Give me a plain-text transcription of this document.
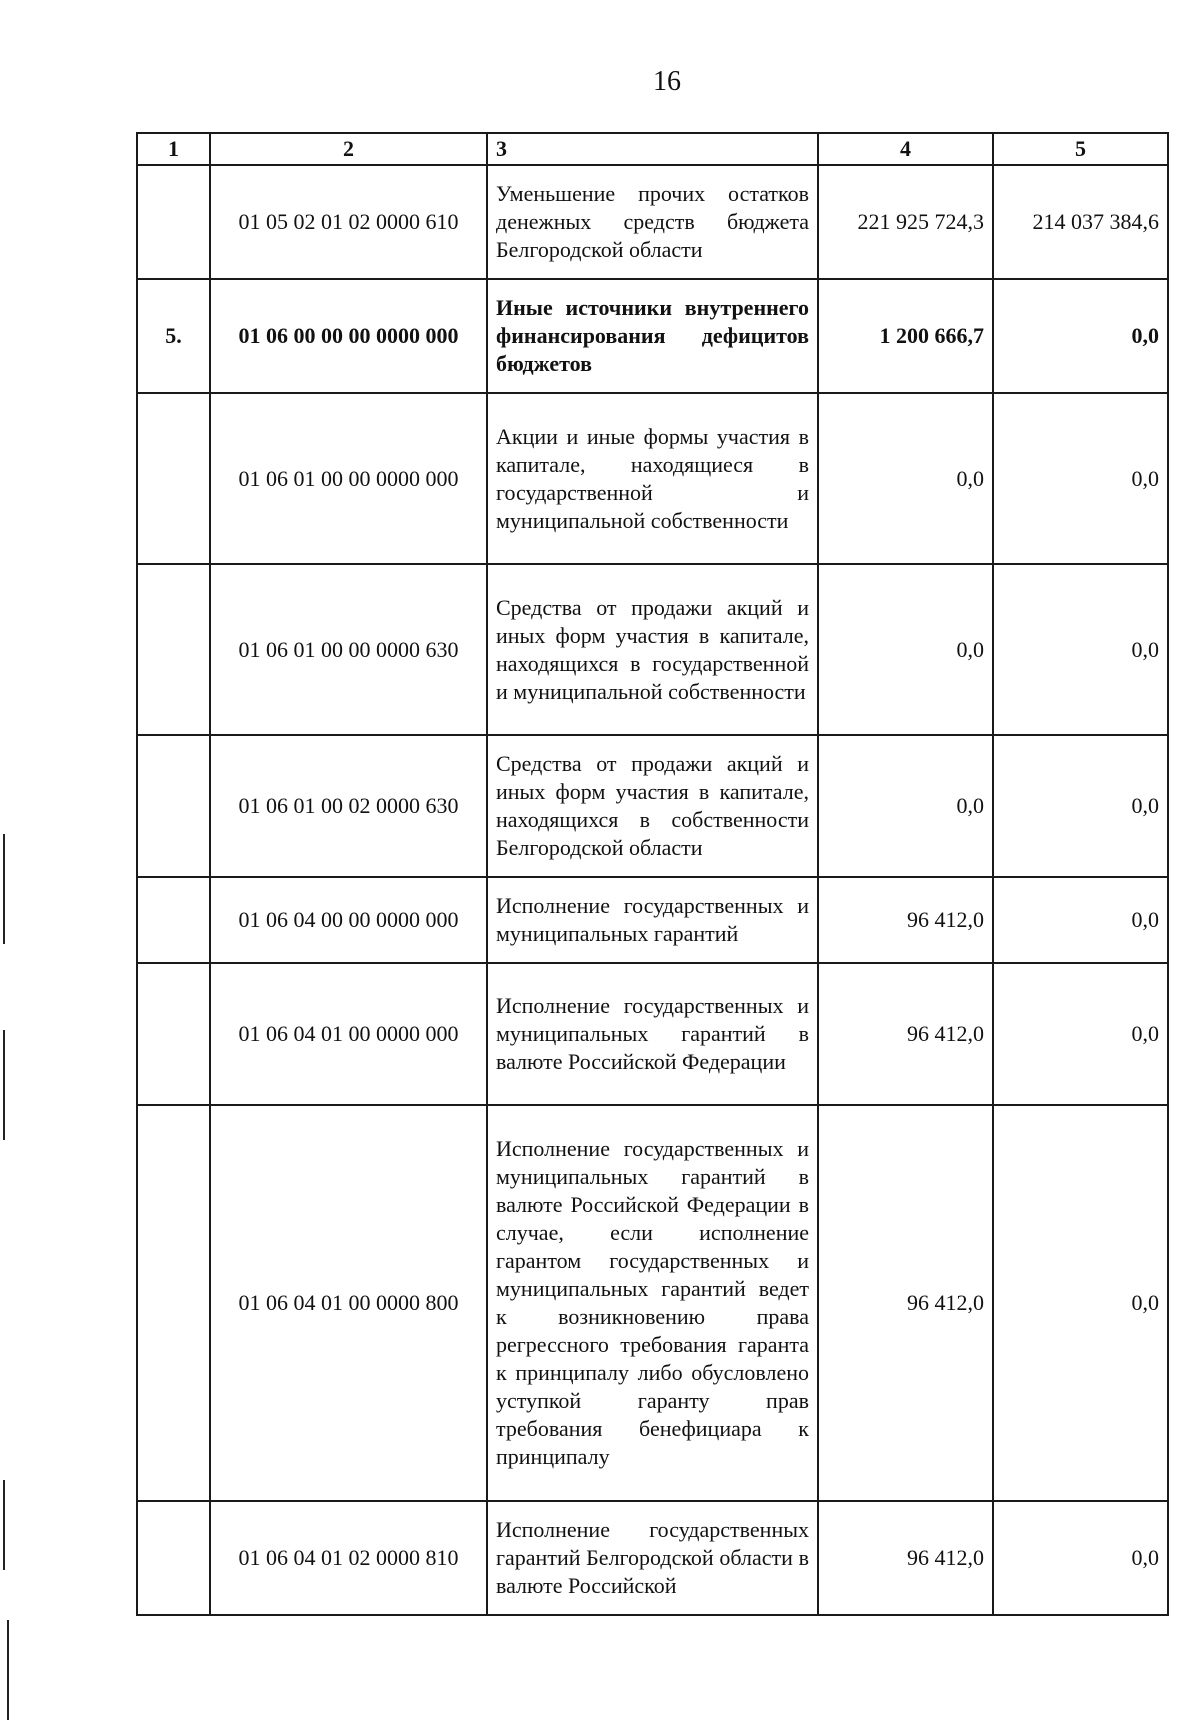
16
1	2	3	4	5
	01 05 02 01 02 0000 610	Уменьшение прочих остатков денежных средств бюджета Белгородской области	221 925 724,3	214 037 384,6
5.	01 06 00 00 00 0000 000	Иные источники внутреннего финансирования дефицитов бюджетов	1 200 666,7	0,0
	01 06 01 00 00 0000 000	Акции и иные формы участия в капитале, находящиеся в государственной и муниципальной собственности	0,0	0,0
	01 06 01 00 00 0000 630	Средства от продажи акций и иных форм участия в капитале, находящихся в государственной и муниципальной собственности	0,0	0,0
	01 06 01 00 02 0000 630	Средства от продажи акций и иных форм участия в капитале, находящихся в собственности Белгородской области	0,0	0,0
	01 06 04 00 00 0000 000	Исполнение государственных и муниципальных гарантий	96 412,0	0,0
	01 06 04 01 00 0000 000	Исполнение государственных и муниципальных гарантий в валюте Российской Федерации	96 412,0	0,0
	01 06 04 01 00 0000 800	Исполнение государственных и муниципальных гарантий в валюте Российской Федерации в случае, если исполнение гарантом государственных и муниципальных гарантий ведет к возникновению права регрессного требования гаранта к принципалу либо обусловлено уступкой гаранту прав требования бенефициара к принципалу	96 412,0	0,0
	01 06 04 01 02 0000 810	Исполнение государственных гарантий Белгородской области в валюте Российской	96 412,0	0,0
